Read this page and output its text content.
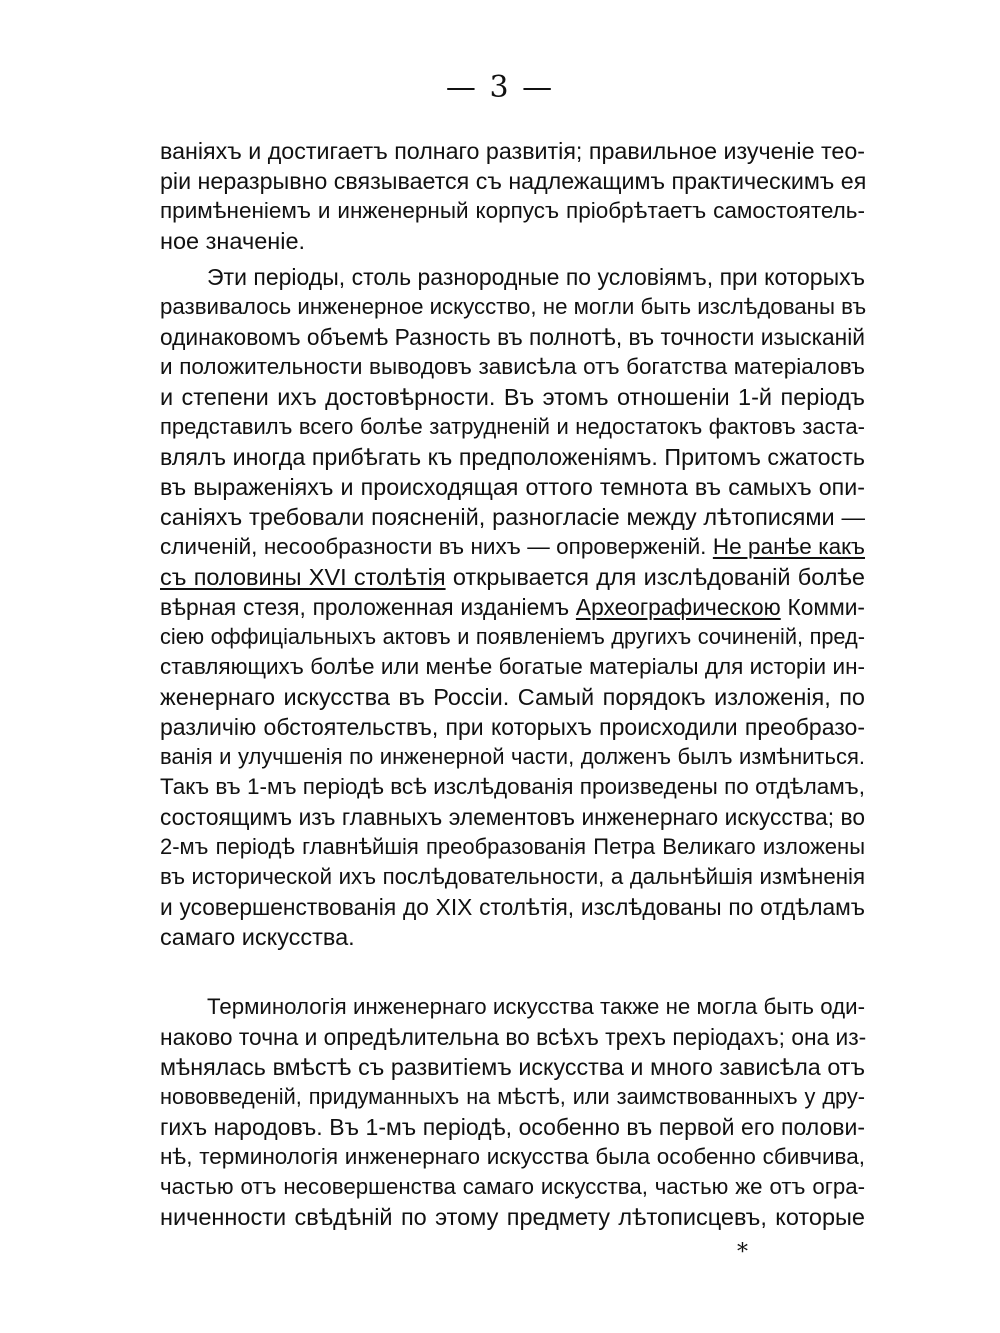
— 3 —
ваніяхъ и достигаетъ полнаго развитія; правильное изученіе тео-
ріи неразрывно связывается съ надлежащимъ практическимъ ея
примѣненіемъ и инженерный корпусъ пріобрѣтаетъ самостоятель-
ное значеніе.
Эти періоды, столь разнородные по условіямъ, при которыхъ
развивалось инженерное искусство, не могли быть изслѣдованы въ
одинаковомъ объемѣ Разность въ полнотѣ, въ точности изысканій
и положительности выводовъ зависѣла отъ богатства матеріаловъ
и степени ихъ достовѣрности. Въ этомъ отношеніи 1-й періодъ
представилъ всего болѣе затрудненій и недостатокъ фактовъ заста-
влялъ иногда прибѣгать къ предположеніямъ. Притомъ сжатость
въ выраженіяхъ и происходящая оттого темнота въ самыхъ опи-
саніяхъ требовали поясненій, разногласіе между лѣтописями —
сличеній, несообразности въ нихъ — опроверженій. Не ранѣе какъ
съ половины XVI столѣтія открывается для изслѣдованій болѣе
вѣрная стезя, проложенная изданіемъ Археографическою Комми-
сіею оффиціальныхъ актовъ и появленіемъ другихъ сочиненій, пред-
ставляющихъ болѣе или менѣе богатые матеріалы для исторіи ин-
женернаго искусства въ Россіи. Самый порядокъ изложенія, по
различію обстоятельствъ, при которыхъ происходили преобразо-
ванія и улучшенія по инженерной части, долженъ былъ измѣниться.
Такъ въ 1-мъ періодѣ всѣ изслѣдованія произведены по отдѣламъ,
состоящимъ изъ главныхъ элементовъ инженернаго искусства; во
2-мъ періодѣ главнѣйшія преобразованія Петра Великаго изложены
въ исторической ихъ послѣдовательности, а дальнѣйшія измѣненія
и усовершенствованія до XIX столѣтія, изслѣдованы по отдѣламъ
самаго искусства.
Терминологія инженернаго искусства также не могла быть оди-
наково точна и опредѣлительна во всѣхъ трехъ періодахъ; она из-
мѣнялась вмѣстѣ съ развитіемъ искусства и много зависѣла отъ
нововведеній, придуманныхъ на мѣстѣ, или заимствованныхъ у дру-
гихъ народовъ. Въ 1-мъ періодѣ, особенно въ первой его полови-
нѣ, терминологія инженернаго искусства была особенно сбивчива,
частью отъ несовершенства самаго искусства, частью же отъ огра-
ниченности свѣдѣній по этому предмету лѣтописцевъ, которые
*
